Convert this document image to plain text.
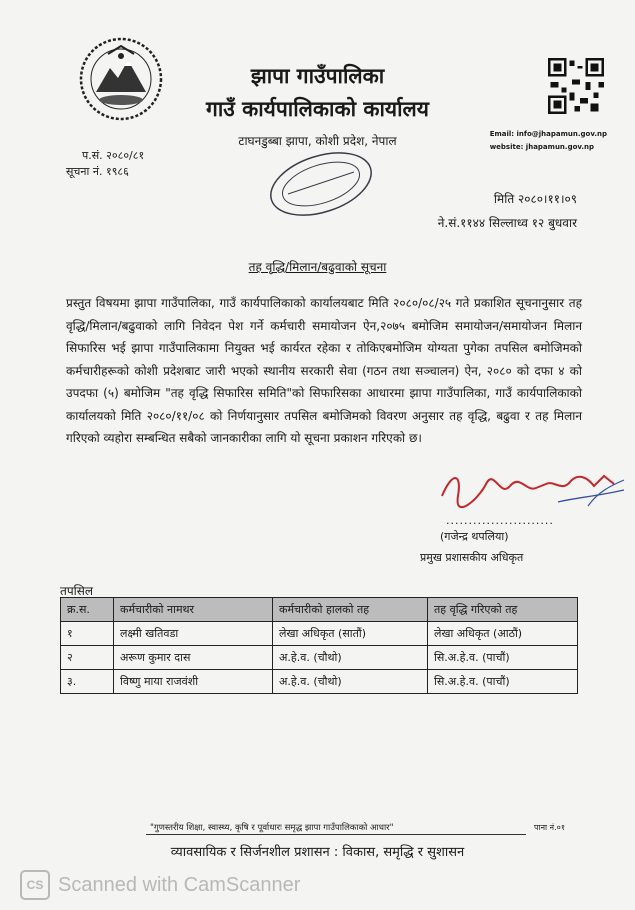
झापा गाउँपालिका
गाउँ कार्यपालिकाको कार्यालय
टाघनडुब्बा झापा, कोशी प्रदेश, नेपाल	Email: info@jhapamun.gov.np
website: jhapamun.gov.np
प.सं. २०८०/८१
सूचना नं. १९८६
मिति २०८०।११।०९
ने.सं.११४४ सिल्लाध्व १२ बुधवार
तह वृद्धि/मिलान/बढुवाको सूचना

प्रस्तुत विषयमा झापा गाउँपालिका, गाउँ कार्यपालिकाको कार्यालयबाट मिति २०८०/०८/२५ गते प्रकाशित सूचनानुसार तह वृद्धि/मिलान/बढुवाको लागि निवेदन पेश गर्ने कर्मचारी समायोजन ऐन,२०७५ बमोजिम समायोजन/समायोजन मिलान सिफारिस भई झापा गाउँपालिकामा नियुक्त भई कार्यरत रहेका र तोकिएबमोजिम योग्यता पुगेका तपसिल बमोजिमको कर्मचारीहरूको कोशी प्रदेशबाट जारी भएको स्थानीय सरकारी सेवा (गठन तथा सञ्चालन) ऐन, २०८० को दफा ४ को उपदफा (५) बमोजिम "तह वृद्धि सिफारिस समिति"को सिफारिसका आधारमा झापा गाउँपालिका, गाउँ कार्यपालिकाको कार्यालयको मिति २०८०/११/०८ को निर्णयानुसार तपसिल बमोजिमको विवरण अनुसार तह वृद्धि, बढुवा र तह मिलान गरिएको व्यहोरा सम्बन्धित सबैको जानकारीका लागि यो सूचना प्रकाशन गरिएको छ।

........................
(गजेन्द्र थपलिया)
प्रमुख प्रशासकीय अधिकृत
तपसिल
क्र.स.	कर्मचारीको नामथर	कर्मचारीको हालको तह	तह वृद्धि गरिएको तह
१	लक्ष्मी खतिवडा	लेखा अधिकृत (सातौं)	लेखा अधिकृत (आठौं)
२	अरूण कुमार दास	अ.हे.व. (चौथो)	सि.अ.हे.व. (पाचौं)
३.	विष्णु माया राजवंशी	अ.हे.व. (चौथो)	सि.अ.हे.व. (पाचौं)
"गुणस्तरीय शिक्षा, स्वास्थ्य, कृषि र पूर्वाधारः समृद्ध झापा गाउँपालिकाको आधार"	पाना नं.०१
व्यावसायिक र सिर्जनशील प्रशासन : विकास, समृद्धि र सुशासन
CS Scanned with CamScanner
